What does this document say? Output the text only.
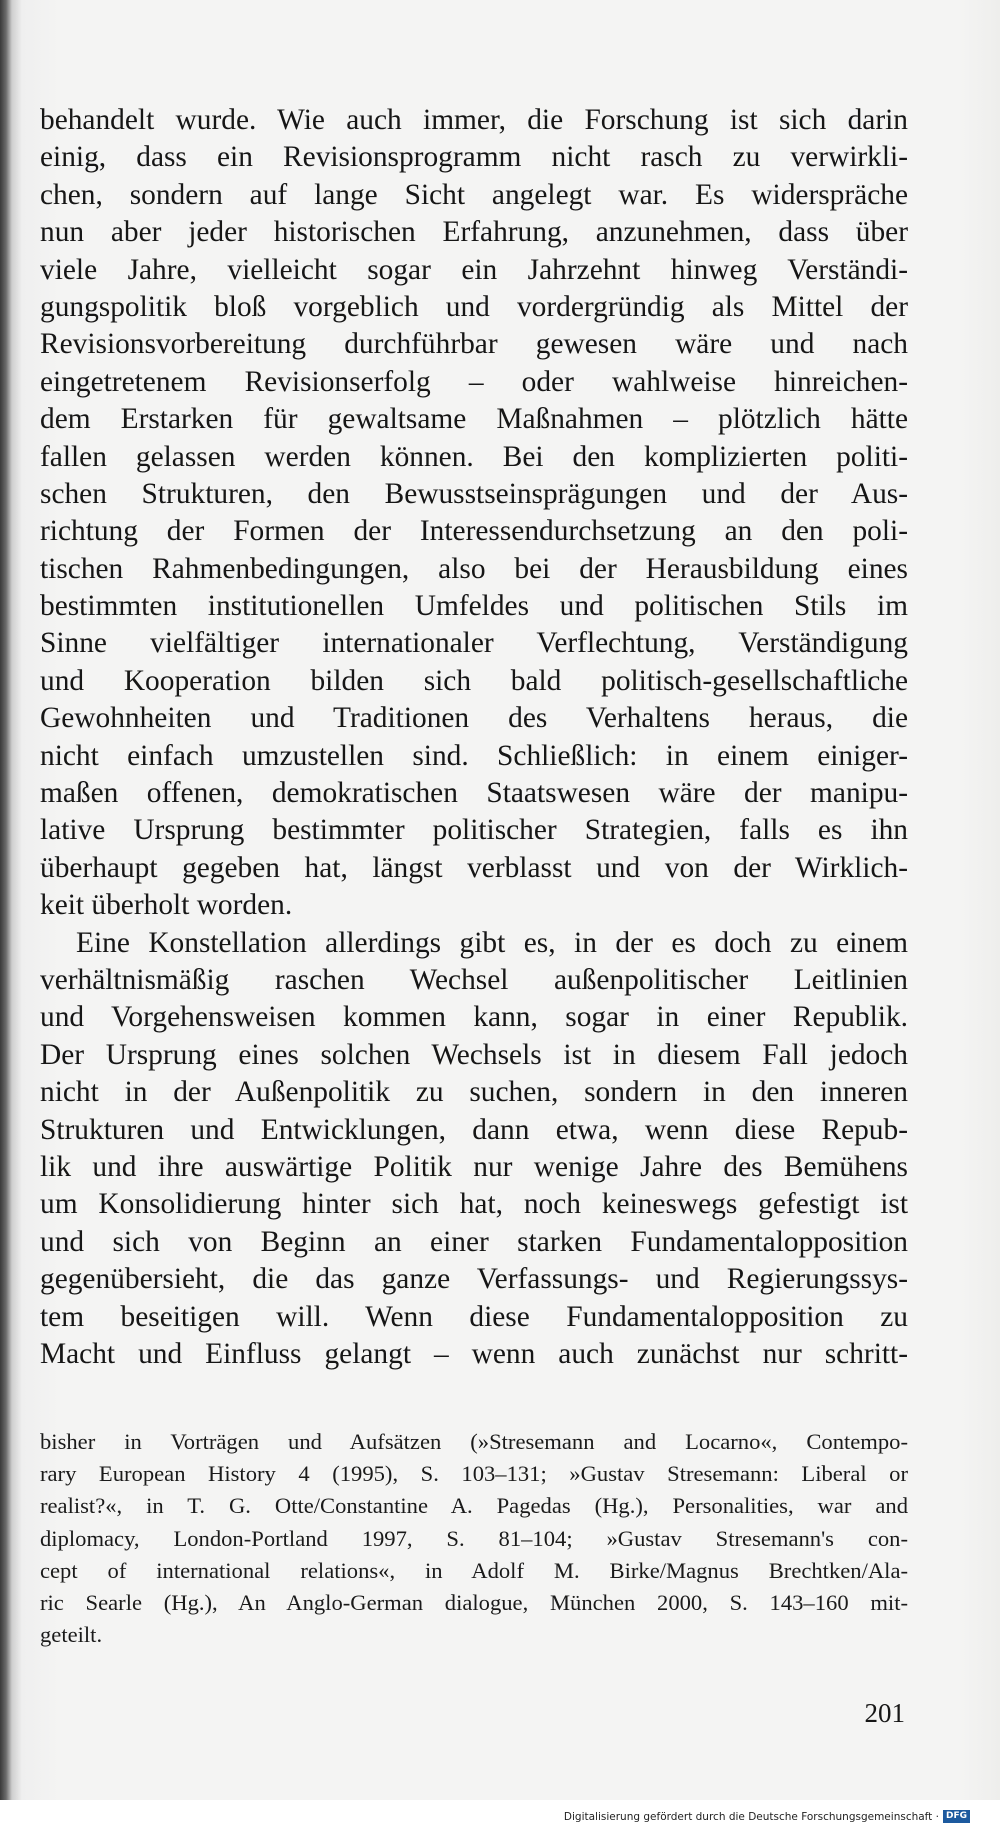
behandelt wurde. Wie auch immer, die Forschung ist sich darin
einig, dass ein Revisionsprogramm nicht rasch zu verwirkli-
chen, sondern auf lange Sicht angelegt war. Es widerspräche
nun aber jeder historischen Erfahrung, anzunehmen, dass über
viele Jahre, vielleicht sogar ein Jahrzehnt hinweg Verständi-
gungspolitik bloß vorgeblich und vordergründig als Mittel der
Revisionsvorbereitung durchführbar gewesen wäre und nach
eingetretenem Revisionserfolg – oder wahlweise hinreichen-
dem Erstarken für gewaltsame Maßnahmen – plötzlich hätte
fallen gelassen werden können. Bei den komplizierten politi-
schen Strukturen, den Bewusstseinsprägungen und der Aus-
richtung der Formen der Interessendurchsetzung an den poli-
tischen Rahmenbedingungen, also bei der Herausbildung eines
bestimmten institutionellen Umfeldes und politischen Stils im
Sinne vielfältiger internationaler Verflechtung, Verständigung
und Kooperation bilden sich bald politisch-gesellschaftliche
Gewohnheiten und Traditionen des Verhaltens heraus, die
nicht einfach umzustellen sind. Schließlich: in einem einiger-
maßen offenen, demokratischen Staatswesen wäre der manipu-
lative Ursprung bestimmter politischer Strategien, falls es ihn
überhaupt gegeben hat, längst verblasst und von der Wirklich-
keit überholt worden.
Eine Konstellation allerdings gibt es, in der es doch zu einem
verhältnismäßig raschen Wechsel außenpolitischer Leitlinien
und Vorgehensweisen kommen kann, sogar in einer Republik.
Der Ursprung eines solchen Wechsels ist in diesem Fall jedoch
nicht in der Außenpolitik zu suchen, sondern in den inneren
Strukturen und Entwicklungen, dann etwa, wenn diese Repub-
lik und ihre auswärtige Politik nur wenige Jahre des Bemühens
um Konsolidierung hinter sich hat, noch keineswegs gefestigt ist
und sich von Beginn an einer starken Fundamentalopposition
gegenübersieht, die das ganze Verfassungs- und Regierungssys-
tem beseitigen will. Wenn diese Fundamentalopposition zu
Macht und Einfluss gelangt – wenn auch zunächst nur schritt-
bisher in Vorträgen und Aufsätzen (»Stresemann and Locarno«, Contempo-
rary European History 4 (1995), S. 103–131; »Gustav Stresemann: Liberal or
realist?«, in T. G. Otte/Constantine A. Pagedas (Hg.), Personalities, war and
diplomacy, London-Portland 1997, S. 81–104; »Gustav Stresemann's con-
cept of international relations«, in Adolf M. Birke/Magnus Brechtken/Ala-
ric Searle (Hg.), An Anglo-German dialogue, München 2000, S. 143–160 mit-
geteilt.
201
Digitalisierung gefördert durch die Deutsche Forschungsgemeinschaft · DFG
